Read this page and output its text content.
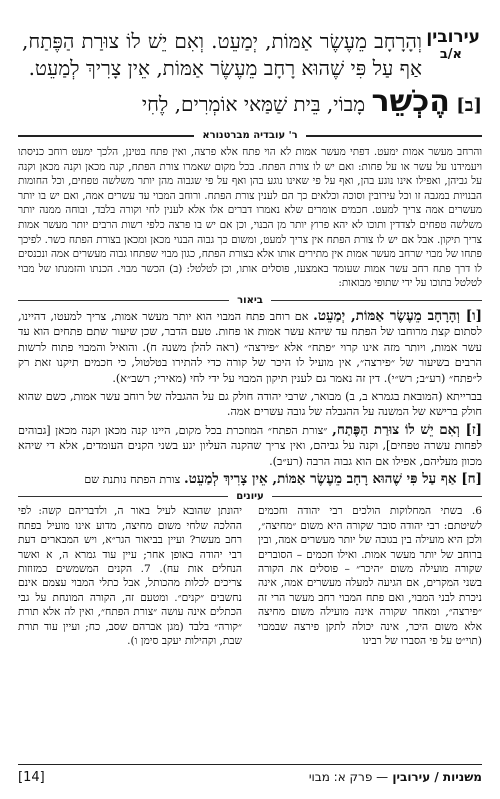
עירובין
א/ב

וְהָרָחָב מֵעֶשֶׂר אַמּוֹת, יְמַעֵט. וְאִם יֵשׁ לוֹ צוּרַת הַפֶּתַח, אַף עַל פִּי שֶׁהוּא רָחָב מֵעֶשֶׂר אַמּוֹת, אֵין צָרִיךְ לְמַעֵט.

[ב] הֶכְשֵׁר מָבוֹי, בֵּית שַׁמַּאי אוֹמְרִים, לֶחִי
ר' עובדיה מברטנורא

והרחב מעשר אמות ימעט. דפתי מעשר אמות לא הוי פתח אלא פרצה, ואין פתח בטינן, הלכך ימעט רוחב כניסתו ויעמידנו על עשר או על פחות: ואם יש לו צורת הפתח. בכל מקום שאמרו צורת הפתח, קנה מכאן וקנה מכאן וקנה על גביהן, ואפילו אינו נוגע בהן, ואף על פי שאינו נוגע בהן ואף על פי שגבוה מהן יותר משלשה טפחים, וכל החומות הבנויות במגבה זו וכל עירובין וסוכה וכלאים כך הם לענין צורת הפתח. ורוחב המבוי עד עשרים אמה, ואם יש בו יותר מעשרים אמה צריך למעט. חכמים אומרים שלא נאמרו דברים אלו אלא לענין לחי וקורה בלבד, ובוחה ממנה יותר משלשה טפחים לצדדין ותוכו לא יהא פרוץ יותר מן הבנוי, וכן אם יש בו פרצה כלפי רשות הרבים יותר מעשר אמות צריך תיקון. אבל אם יש לו צורת הפתח אין צריך למעט, ומשום כך גבוה הבנוי מכאן ומכאן בצורת הפתח כשר. לפיכך פתחו של מבוי שרחב מעשר אמות אין מתירים אותו אלא בצורת הפתח, כגון מבוי שפתחו גבוה מעשרים אמה ונכנסים לו דרך פתח רחב עשר אמות שעומד באמצעו, פוסלים אותו, וכן לטלטל: (ב) הכשר מבוי. הכנתו והזמנתו של מבוי לטלטל בתוכו על ידי שתופי מבואות:

ביאור

[ו] וְהָרָחָב מֵעֶשֶׂר אַמּוֹת, יְמַעֵט. אם רוחב פתח המבוי הוא יותר מעשר אמות, צריך למעטו, דהיינו, לסתום קצת מרוחבו של הפתח עד שיהא עשר אמות או פחות. טעם הדבר, שכן שיעור שתם פתחים הוא עד עשר אמות, ויותר מזה אינו קרוי ״פתח״ אלא ״פירצה״ (ראה להלן משנה ח). והואיל והמבוי פתוח לרשות הרבים בשיעור של ״פירצה״, אין מועיל לו היכר של קורה כדי להתירו בטלטול, כי חכמים תיקנו זאת רק ל״פתח״ (רע״ב; רש״י). דין זה נאמר גם לענין תיקון המבוי על ידי לחי (מאירי; רשב״א).

בברייתא (המובאת בגמרא ב, ב) מבואר, שרבי יהודה חולק גם על ההגבלה של רוחב עשר אמות, כשם שהוא חולק ברישא של המשנה על ההגבלה של גובה עשרים אמה.

[ז] וְאִם יֵשׁ לוֹ צוּרַת הַפֶּתַח, ״צורת הפתח״ המוזכרת בכל מקום, היינו קנה מכאן וקנה מכאן [גבוהים לפחות עשרה טפחים], וקנה על גביהם, ואין צריך שהקנה העליון יגע בשני הקנים העומדים, אלא די שיהא מכוון מעליהם, אפילו אם הוא גבוה הרבה (רע״ב).

[ח] אַף עַל פִּי שֶׁהוּא רָחָב מֵעֶשֶׂר אַמּוֹת, אֵין צָרִיךְ לְמַעֵט. צורת הפתח נותנת שם

עיונים

6. בשתי המחלוקות הולכים רבי יהודה וחכמים לשיטתם: רבי יהודה סובר שקורה היא משום ״מחיצה״, ולכן היא מועילה בין בגובה של יותר מעשרים אמה, ובין ברוחב של יותר מעשר אמות. ואילו חכמים – הסוברים שקורה מועילה משום ״היכר״ – פוסלים את הקורה בשני המקרים, אם הגיעה למעלה מעשרים אמה, אינה ניכרת לבני המבוי, ואם פתח המבוי רחב מעשר הרי זה ״פירצה״, ומאחר שקורה אינה מועילה משום מחיצה אלא משום היכר, אינה יכולה לתקן פירצה שבמבוי (תוי״ט על פי הסברו של רבינו

יהונתן שהובא לעיל באור ה, ולדבריהם קשה: לפי ההלכה שלחי משום מחיצה, מדוע אינו מועיל בפתח רחב מעשר? ועיין בביאור הגר״א, ויש המבארים דעת רבי יהודה באופן אחר; עיין עוד גמרא ה, א ואשר הנחלים אות עח). 7. הקנים המשמשים כמזוזות צריכים לכלות מהכותל, אבל כתלי המבוי עצמם אינם נחשבים ״קנים״. ומטעם זה, הקורה המונחת על גבי הכתלים אינה עושה ״צורת הפתח״, ואין לה אלא תורת ״קורה״ בלבד (מגן אברהם שסב, כח; ועיין עוד תורת שבת, וקהילות יעקב סימן ו).

[14]	משניות / עירובין — פרק א: מבוי
